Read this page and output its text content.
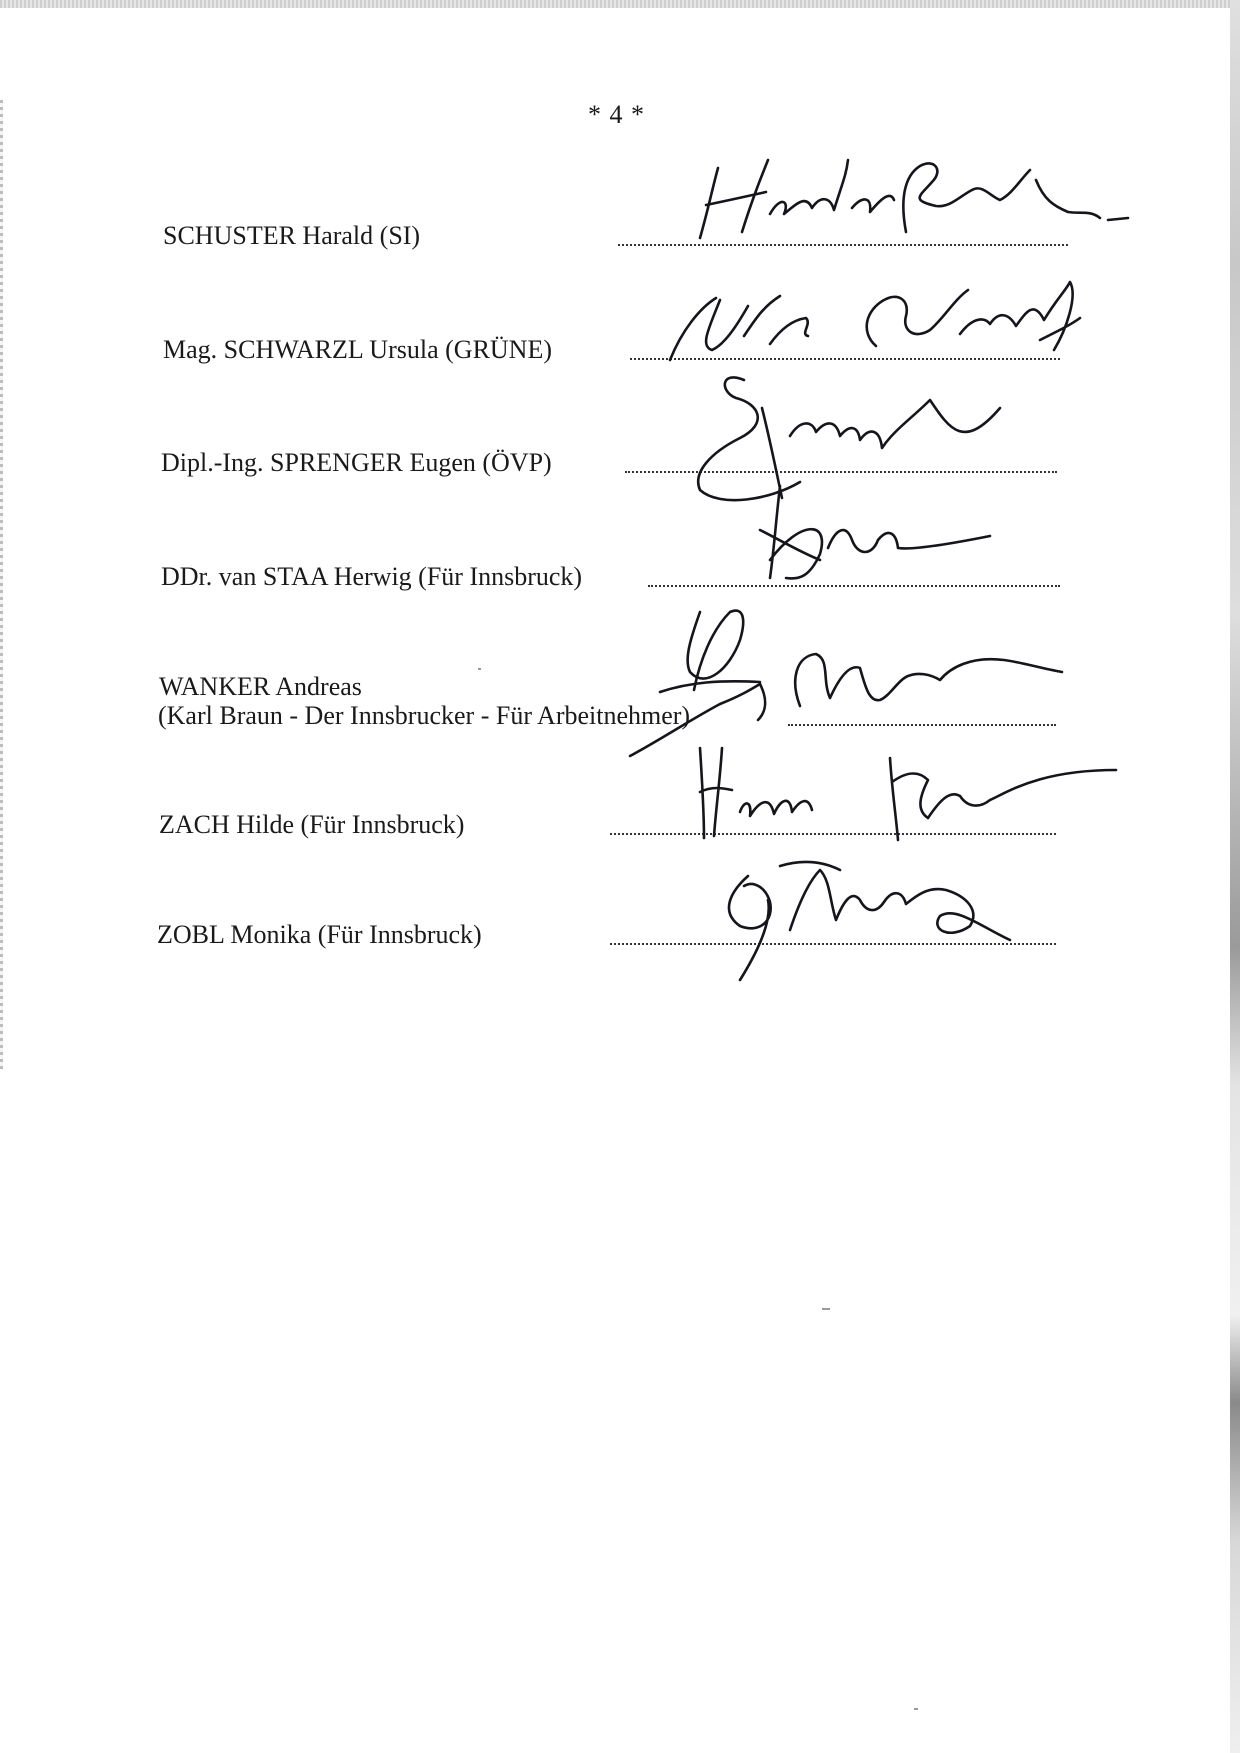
* 4 *
SCHUSTER Harald (SI)
Mag. SCHWARZL Ursula (GRÜNE)
Dipl.-Ing. SPRENGER Eugen (ÖVP)
DDr. van STAA Herwig (Für Innsbruck)
WANKER Andreas
(Karl Braun - Der Innsbrucker - Für Arbeitnehmer)
ZACH Hilde (Für Innsbruck)
ZOBL Monika (Für Innsbruck)
